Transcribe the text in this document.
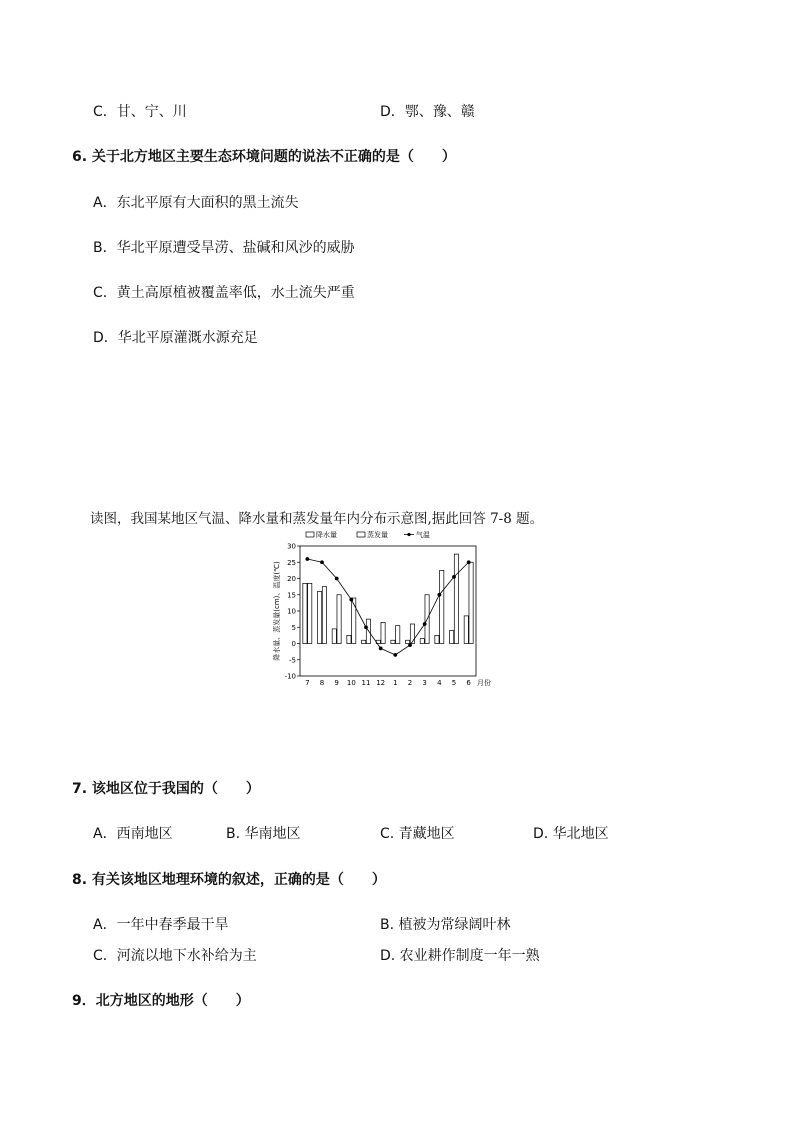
C．甘、宁、川	D．鄂、豫、赣
6. 关于北方地区主要生态环境问题的说法不正确的是（　　）
A．东北平原有大面积的黑土流失
B．华北平原遭受旱涝、盐碱和风沙的威胁
C．黄土高原植被覆盖率低，水土流失严重
D．华北平原灌溉水源充足
读图，我国某地区气温、降水量和蒸发量年内分布示意图,据此回答 7-8 题。
30
25
20
15
10
5
0
-5
-10
降水量、蒸发量(cm)、温度(℃)
7 8 9 10 11 12 1 2 3 4 5 6 月份
降水量	蒸发量	气温
7. 该地区位于我国的（　　）
A．西南地区	B. 华南地区	C. 青藏地区	D. 华北地区
8. 有关该地区地理环境的叙述，正确的是（　　）
A．一年中春季最干旱	B. 植被为常绿阔叶林
C．河流以地下水补给为主	D. 农业耕作制度一年一熟
9．北方地区的地形（　　）
